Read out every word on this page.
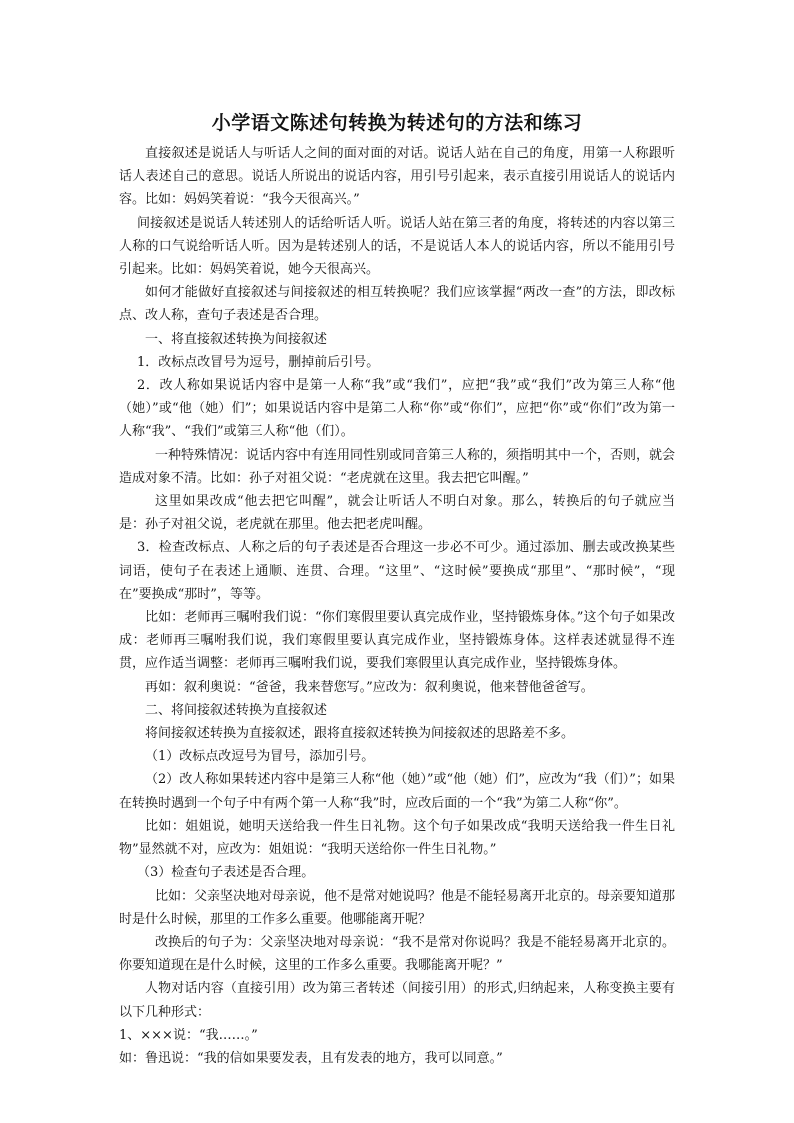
小学语文陈述句转换为转述句的方法和练习

直接叙述是说话人与听话人之间的面对面的对话。说话人站在自己的角度，用第一人称跟听话人表述自己的意思。说话人所说出的说话内容，用引号引起来，表示直接引用说话人的说话内容。比如：妈妈笑着说：“我今天很高兴。”

间接叙述是说话人转述别人的话给听话人听。说话人站在第三者的角度，将转述的内容以第三人称的口气说给听话人听。因为是转述别人的话，不是说话人本人的说话内容，所以不能用引号引起来。比如：妈妈笑着说，她今天很高兴。

如何才能做好直接叙述与间接叙述的相互转换呢？我们应该掌握“两改一查”的方法，即改标点、改人称，查句子表述是否合理。

一、将直接叙述转换为间接叙述

1．改标点改冒号为逗号，删掉前后引号。

2．改人称如果说话内容中是第一人称“我”或“我们”，应把“我”或“我们”改为第三人称“他（她）”或“他（她）们”；如果说话内容中是第二人称“你”或“你们”，应把“你”或“你们”改为第一人称“我”、“我们”或第三人称“他（们）。

一种特殊情况：说话内容中有连用同性别或同音第三人称的，须指明其中一个，否则，就会造成对象不清。比如：孙子对祖父说：“老虎就在这里。我去把它叫醒。”

这里如果改成“他去把它叫醒”，就会让听话人不明白对象。那么，转换后的句子就应当是：孙子对祖父说，老虎就在那里。他去把老虎叫醒。

3．检查改标点、人称之后的句子表述是否合理这一步必不可少。通过添加、删去或改换某些词语，使句子在表述上通顺、连贯、合理。“这里”、“这时候”要换成“那里”、“那时候”，“现在”要换成“那时”，等等。

比如：老师再三嘱咐我们说：“你们寒假里要认真完成作业，坚持锻炼身体。”这个句子如果改成：老师再三嘱咐我们说，我们寒假里要认真完成作业，坚持锻炼身体。这样表述就显得不连贯，应作适当调整：老师再三嘱咐我们说，要我们寒假里认真完成作业，坚持锻炼身体。

再如：叙利奥说：“爸爸，我来替您写。”应改为：叙利奥说，他来替他爸爸写。

二、将间接叙述转换为直接叙述

将间接叙述转换为直接叙述，跟将直接叙述转换为间接叙述的思路差不多。

（1）改标点改逗号为冒号，添加引号。

（2）改人称如果转述内容中是第三人称“他（她）”或“他（她）们”，应改为“我（们）”；如果在转换时遇到一个句子中有两个第一人称“我”时，应改后面的一个“我”为第二人称“你”。

比如：姐姐说，她明天送给我一件生日礼物。这个句子如果改成“我明天送给我一件生日礼物”显然就不对，应改为：姐姐说：“我明天送给你一件生日礼物。”

（3）检查句子表述是否合理。

比如：父亲坚决地对母亲说，他不是常对她说吗？他是不能轻易离开北京的。母亲要知道那时是什么时候，那里的工作多么重要。他哪能离开呢？

改换后的句子为：父亲坚决地对母亲说：“我不是常对你说吗？我是不能轻易离开北京的。你要知道现在是什么时候，这里的工作多么重要。我哪能离开呢？”

人物对话内容（直接引用）改为第三者转述（间接引用）的形式,归纳起来，人称变换主要有以下几种形式：

1、×××说：“我……。”

如：鲁迅说：“我的信如果要发表，且有发表的地方，我可以同意。”
